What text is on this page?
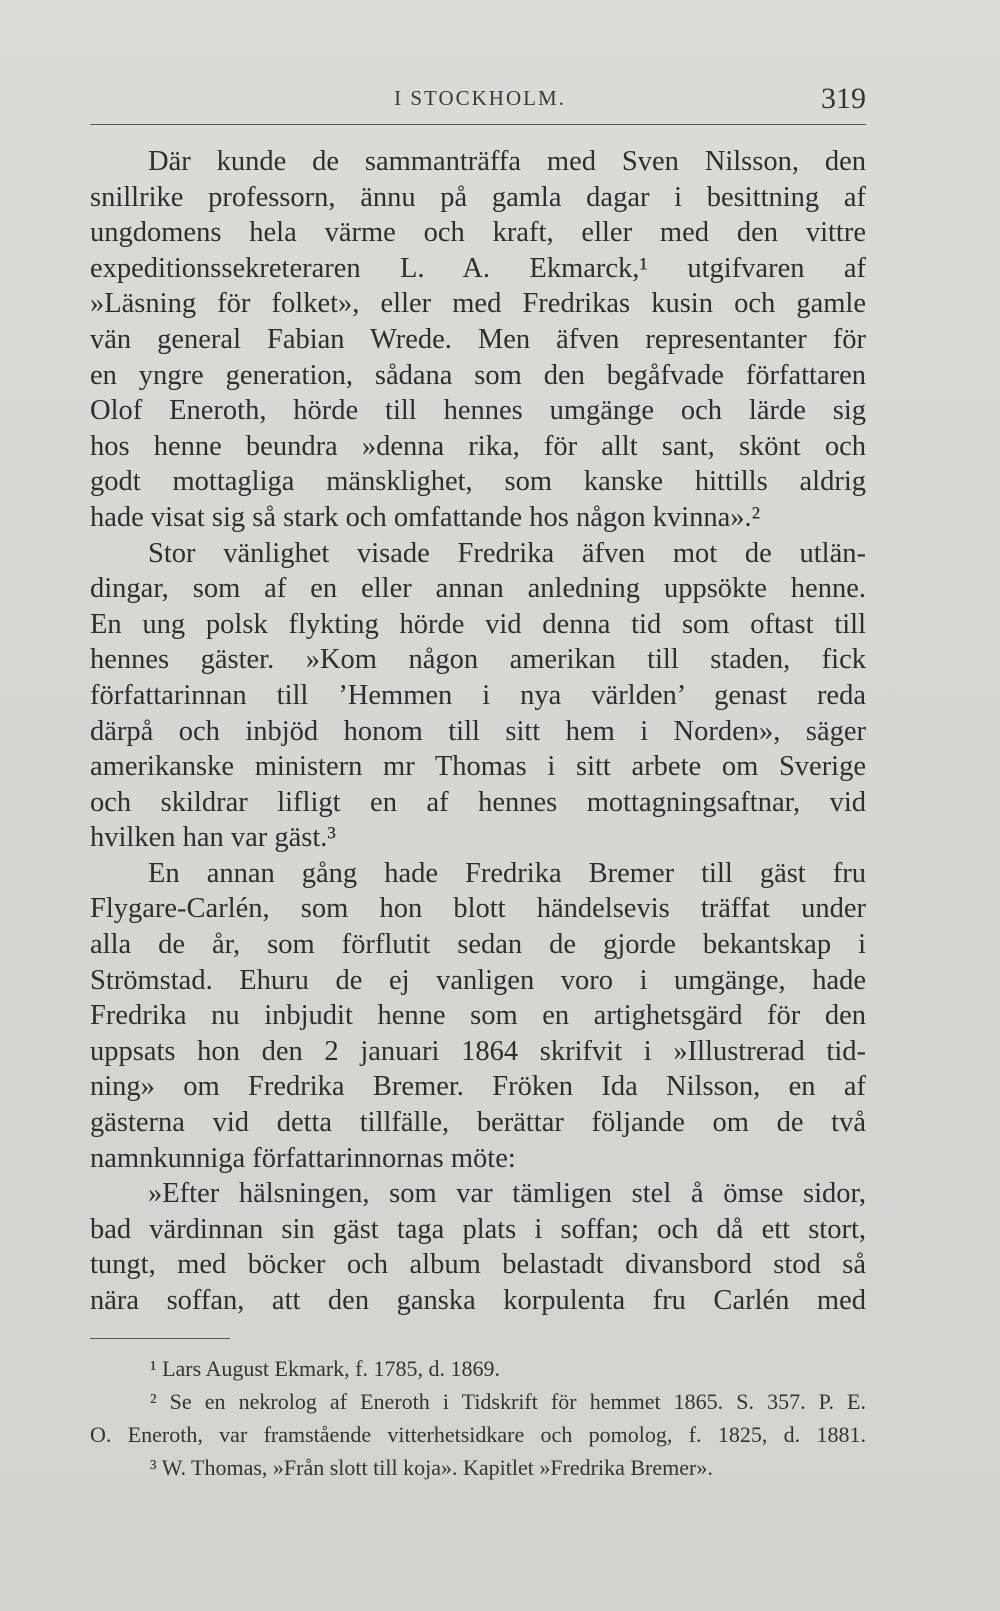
I STOCKHOLM.	319
Där kunde de sammanträffa med Sven Nilsson, den
snillrike professorn, ännu på gamla dagar i besittning af
ungdomens hela värme och kraft, eller med den vittre
expeditionssekreteraren L. A. Ekmarck,¹ utgifvaren af
»Läsning för folket», eller med Fredrikas kusin och gamle
vän general Fabian Wrede. Men äfven representanter för
en yngre generation, sådana som den begåfvade författaren
Olof Eneroth, hörde till hennes umgänge och lärde sig
hos henne beundra »denna rika, för allt sant, skönt och
godt mottagliga mänsklighet, som kanske hittills aldrig
hade visat sig så stark och omfattande hos någon kvinna».²
Stor vänlighet visade Fredrika äfven mot de utlän-
dingar, som af en eller annan anledning uppsökte henne.
En ung polsk flykting hörde vid denna tid som oftast till
hennes gäster. »Kom någon amerikan till staden, fick
författarinnan till ’Hemmen i nya världen’ genast reda
därpå och inbjöd honom till sitt hem i Norden», säger
amerikanske ministern mr Thomas i sitt arbete om Sverige
och skildrar lifligt en af hennes mottagningsaftnar, vid
hvilken han var gäst.³
En annan gång hade Fredrika Bremer till gäst fru
Flygare-Carlén, som hon blott händelsevis träffat under
alla de år, som förflutit sedan de gjorde bekantskap i
Strömstad. Ehuru de ej vanligen voro i umgänge, hade
Fredrika nu inbjudit henne som en artighetsgärd för den
uppsats hon den 2 januari 1864 skrifvit i »Illustrerad tid-
ning» om Fredrika Bremer. Fröken Ida Nilsson, en af
gästerna vid detta tillfälle, berättar följande om de två
namnkunniga författarinnornas möte:
»Efter hälsningen, som var tämligen stel å ömse sidor,
bad värdinnan sin gäst taga plats i soffan; och då ett stort,
tungt, med böcker och album belastadt divansbord stod så
nära soffan, att den ganska korpulenta fru Carlén med
¹ Lars August Ekmark, f. 1785, d. 1869.
² Se en nekrolog af Eneroth i Tidskrift för hemmet 1865. S. 357. P. E.
O. Eneroth, var framstående vitterhetsidkare och pomolog, f. 1825, d. 1881.
³ W. Thomas, »Från slott till koja». Kapitlet »Fredrika Bremer».
